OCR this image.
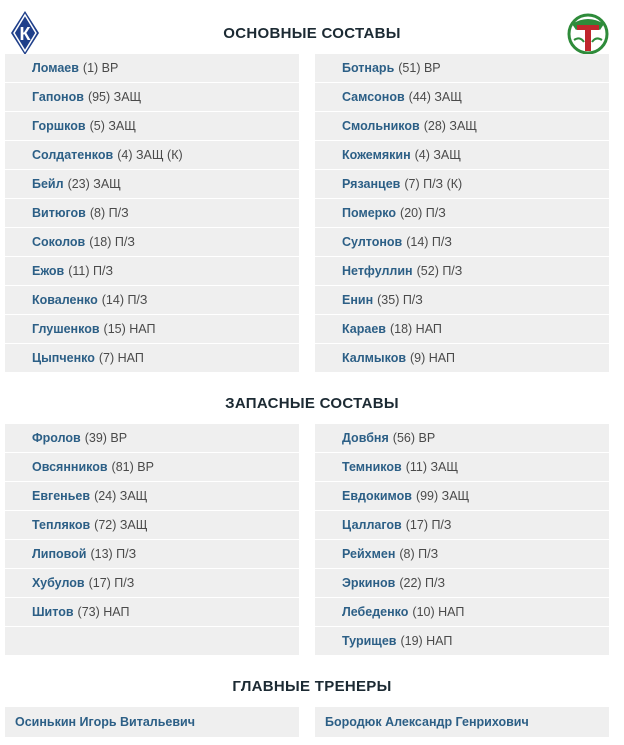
К	ОСНОВНЫЕ СОСТАВЫ
ЗАПАСНЫЕ СОСТАВЫ
ГЛАВНЫЕ ТРЕНЕРЫ
Ломаев (1) ВР
Гапонов (95) ЗАЩ
Горшков (5) ЗАЩ
Солдатенков (4) ЗАЩ (К)
Бейл (23) ЗАЩ
Витюгов (8) П/З
Соколов (18) П/З
Ежов (11) П/З
Коваленко (14) П/З
Глушенков (15) НАП
Цыпченко (7) НАП
Ботнарь (51) ВР
Самсонов (44) ЗАЩ
Смольников (28) ЗАЩ
Кожемякин (4) ЗАЩ
Рязанцев (7) П/З (К)
Померко (20) П/З
Султонов (14) П/З
Нетфуллин (52) П/З
Енин (35) П/З
Караев (18) НАП
Калмыков (9) НАП
Фролов (39) ВР
Овсянников (81) ВР
Евгеньев (24) ЗАЩ
Тепляков (72) ЗАЩ
Липовой (13) П/З
Хубулов (17) П/З
Шитов (73) НАП
Довбня (56) ВР
Темников (11) ЗАЩ
Евдокимов (99) ЗАЩ
Цаллагов (17) П/З
Рейхмен (8) П/З
Эркинов (22) П/З
Лебеденко (10) НАП
Турищев (19) НАП
Осинькин Игорь Витальевич	Бородюк Александр Генрихович
